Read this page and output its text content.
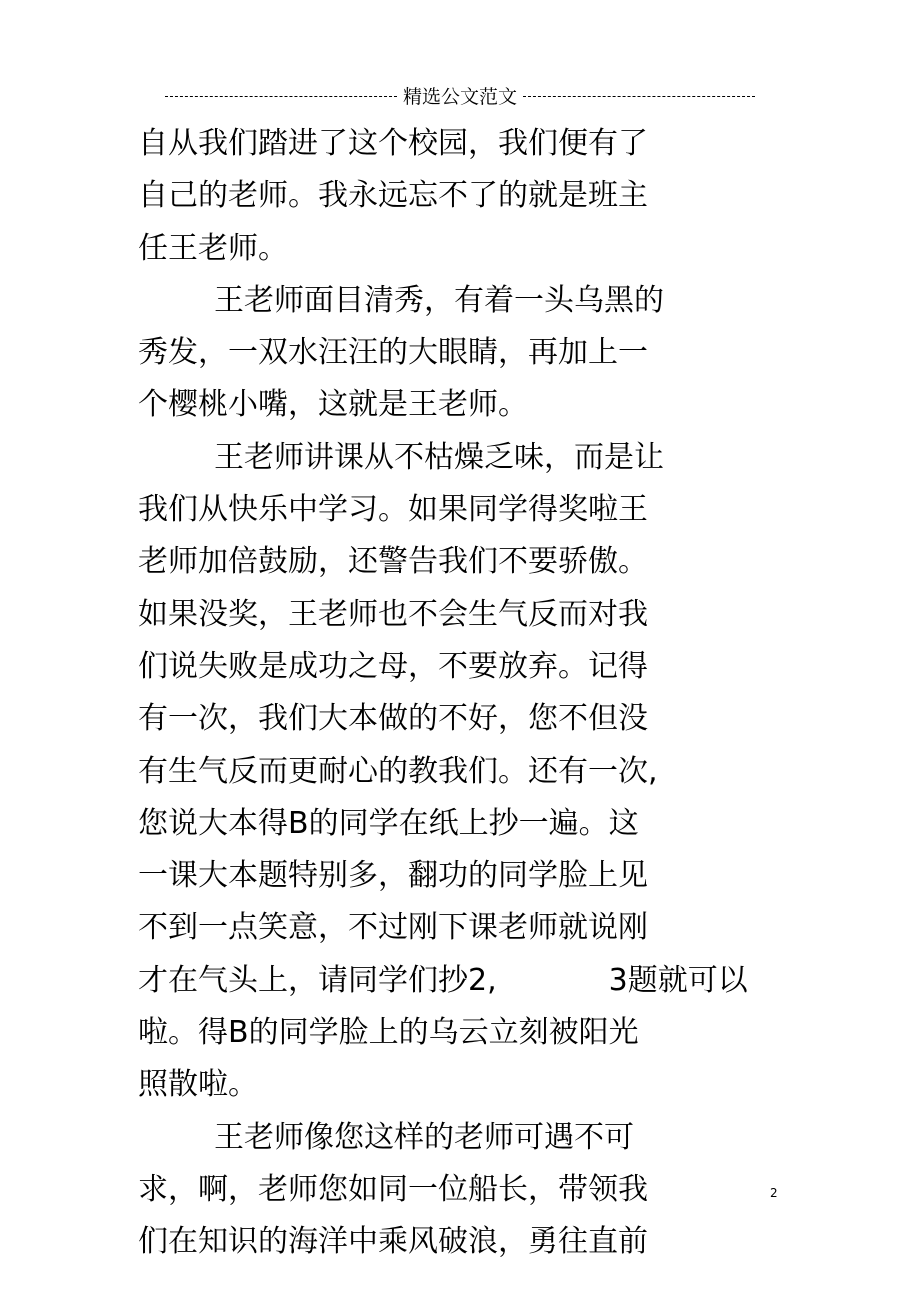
精选公文范文
自从我们踏进了这个校园，我们便有了
自己的老师。我永远忘不了的就是班主
任王老师。
王老师面目清秀，有着一头乌黑的
秀发，一双水汪汪的大眼睛，再加上一
个樱桃小嘴，这就是王老师。
王老师讲课从不枯燥乏味，而是让
我们从快乐中学习。如果同学得奖啦王
老师加倍鼓励，还警告我们不要骄傲。
如果没奖，王老师也不会生气反而对我
们说失败是成功之母，不要放弃。记得
有一次，我们大本做的不好，您不但没
有生气反而更耐心的教我们。还有一次,
您说大本得B的同学在纸上抄一遍。这
一课大本题特别多，翻功的同学脸上见
不到一点笑意，不过刚下课老师就说刚
才在气头上，请同学们抄2,	3题就可以
啦。得B的同学脸上的乌云立刻被阳光
照散啦。
王老师像您这样的老师可遇不可
求，啊，老师您如同一位船长，带领我
们在知识的海洋中乘风破浪，勇往直前
2
